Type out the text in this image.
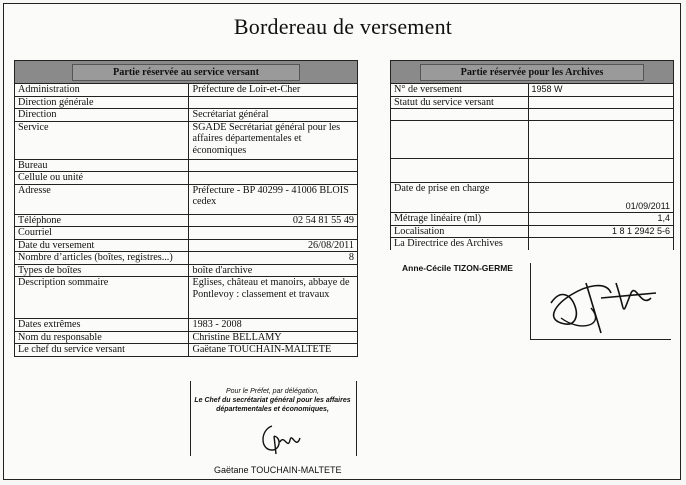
Bordereau de versement
Partie réservée au service versant	
Administration	Préfecture de Loir-et-Cher
Direction générale	
Direction	Secrétariat général
Service	SGADE Secrétariat général pour les affaires départementales et économiques
Bureau	
Cellule ou unité	
Adresse	Préfecture - BP 40299 - 41006 BLOIS cedex
Téléphone	02 54 81 55 49
Courriel	
Date du versement	26/08/2011
Nombre d’articles (boîtes, registres...)	8
Types de boîtes	boîte d'archive
Description sommaire	Eglises, château et manoirs, abbaye de Pontlevoy : classement et travaux
Dates extrêmes	1983 - 2008
Nom du responsable	Christine BELLAMY
Le chef du service versant	Gaëtane TOUCHAIN-MALTETE
Partie réservée pour les Archives	
N° de versement	1958 W
Statut du service versant	

Date de prise en charge	01/09/2011
Métrage linéaire (ml)	1,4
Localisation	1 8 1 2942 5-6
La Directrice des Archives	
Anne-Cécile TIZON-GERME
Pour le Préfet, par délégation,
Le Chef du secrétariat général pour les affaires
départementales et économiques,
Gaëtane TOUCHAIN-MALTETE
